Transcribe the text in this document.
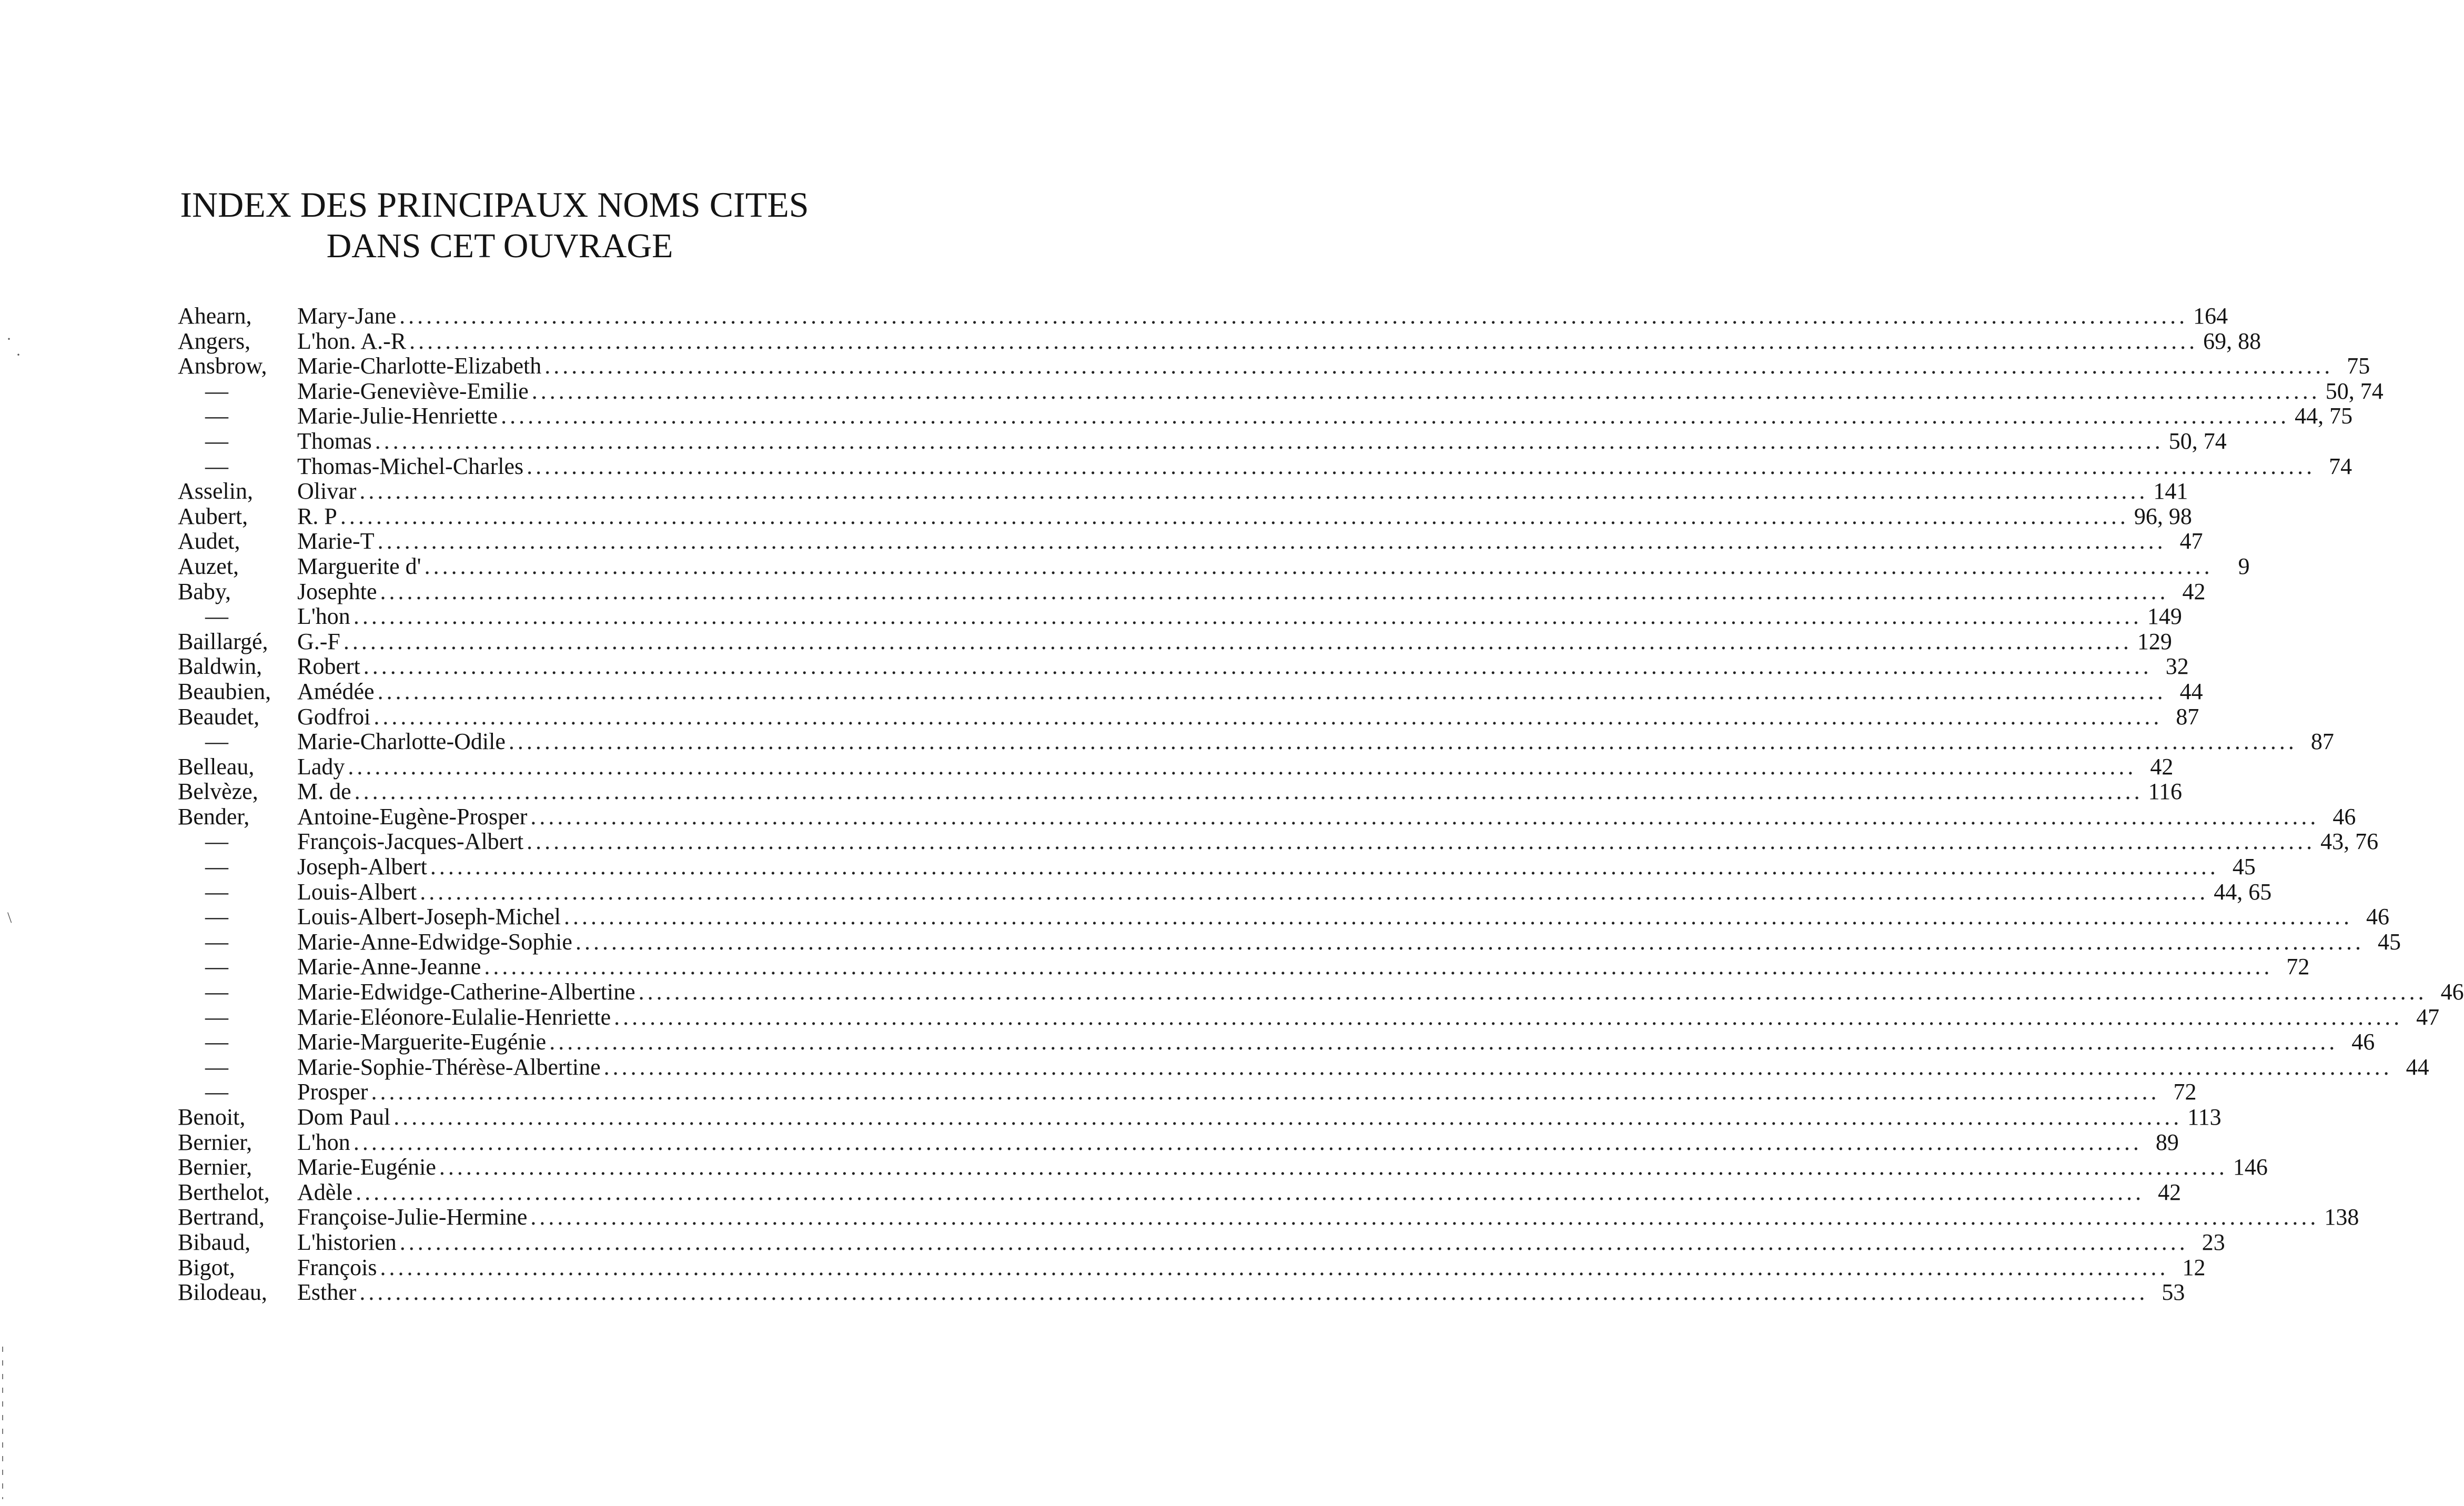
INDEX DES PRINCIPAUX NOMS CITES
DANS CET OUVRAGE
Ahearn, Mary-Jane ........................................................................................................................................................................................................ 164
Angers, L'hon. A.-R ........................................................................................................................................................................................................ 69, 88
Ansbrow, Marie-Charlotte-Elizabeth ........................................................................................................................................................................................................ 75
—	Marie-Geneviève-Emilie ........................................................................................................................................................................................................ 50, 74
—	Marie-Julie-Henriette ........................................................................................................................................................................................................ 44, 75
—	Thomas ........................................................................................................................................................................................................ 50, 74
—	Thomas-Michel-Charles ........................................................................................................................................................................................................ 74
Asselin, Olivar ........................................................................................................................................................................................................ 141
Aubert, R. P ........................................................................................................................................................................................................ 96, 98
Audet, Marie-T ........................................................................................................................................................................................................ 47
Auzet,	Marguerite d' ........................................................................................................................................................................................................	9
Baby,	Josephte ........................................................................................................................................................................................................ 42
—	L'hon ........................................................................................................................................................................................................ 149
Baillargé, G.-F ........................................................................................................................................................................................................ 129
Baldwin, Robert ........................................................................................................................................................................................................ 32
Beaubien, Amédée ........................................................................................................................................................................................................ 44
Beaudet, Godfroi ........................................................................................................................................................................................................ 87
—	Marie-Charlotte-Odile ........................................................................................................................................................................................................ 87
Belleau, Lady ........................................................................................................................................................................................................ 42
Belvèze, M. de ........................................................................................................................................................................................................ 116
Bender, Antoine-Eugène-Prosper ........................................................................................................................................................................................................ 46
—	François-Jacques-Albert ........................................................................................................................................................................................................ 43, 76
—	Joseph-Albert ........................................................................................................................................................................................................ 45
—	Louis-Albert ........................................................................................................................................................................................................ 44, 65
—	Louis-Albert-Joseph-Michel ........................................................................................................................................................................................................ 46
—	Marie-Anne-Edwidge-Sophie ........................................................................................................................................................................................................ 45
—	Marie-Anne-Jeanne ........................................................................................................................................................................................................ 72
—	Marie-Edwidge-Catherine-Albertine ........................................................................................................................................................................................................ 46
—	Marie-Eléonore-Eulalie-Henriette ........................................................................................................................................................................................................ 47
—	Marie-Marguerite-Eugénie ........................................................................................................................................................................................................ 46
—	Marie-Sophie-Thérèse-Albertine ........................................................................................................................................................................................................ 44
—	Prosper ........................................................................................................................................................................................................ 72
Benoit, Dom Paul ........................................................................................................................................................................................................ 113
Bernier, L'hon ........................................................................................................................................................................................................ 89
Bernier, Marie-Eugénie ........................................................................................................................................................................................................ 146
Berthelot, Adèle ........................................................................................................................................................................................................ 42
Bertrand, Françoise-Julie-Hermine ........................................................................................................................................................................................................ 138
Bibaud, L'historien ........................................................................................................................................................................................................ 23
Bigot,	François ........................................................................................................................................................................................................ 12
Bilodeau, Esther ........................................................................................................................................................................................................ 53
·
·
\
